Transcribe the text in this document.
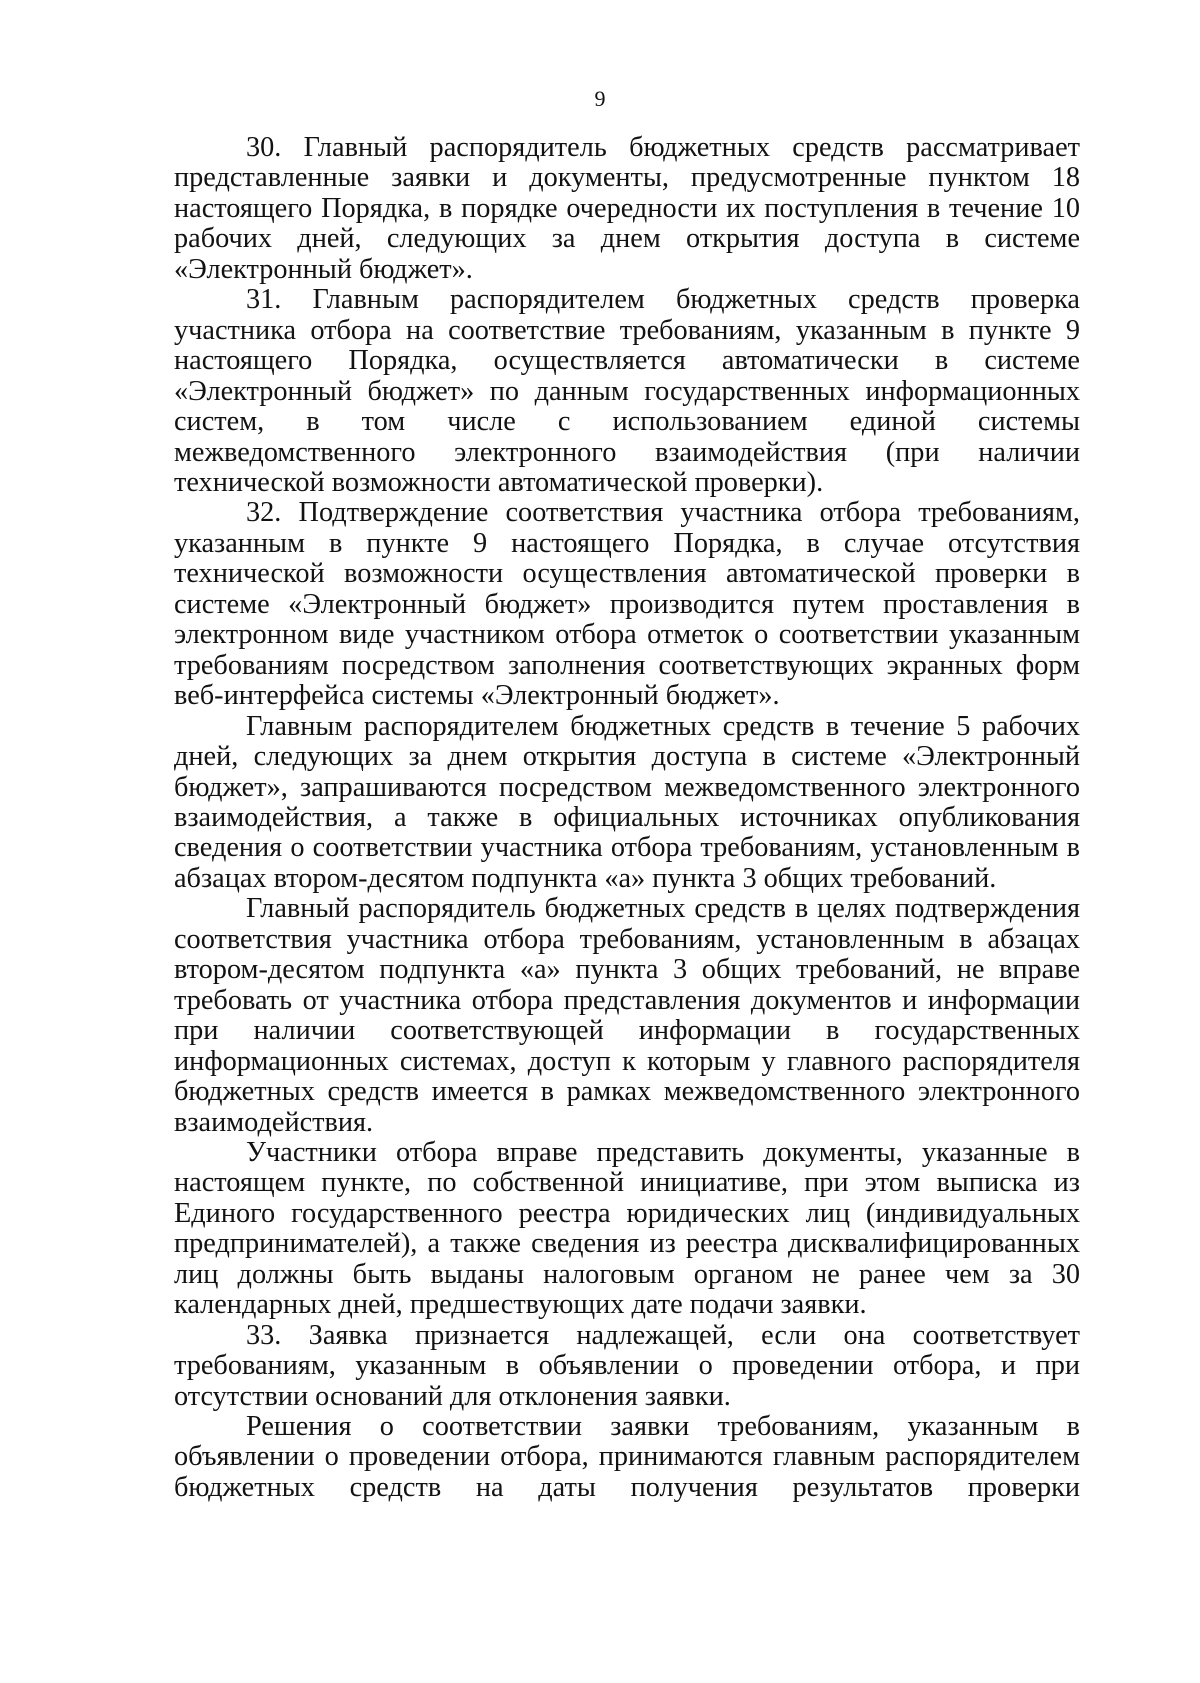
9

30. Главный распорядитель бюджетных средств рассматривает представленные заявки и документы, предусмотренные пунктом 18 настоящего Порядка, в порядке очередности их поступления в течение 10 рабочих дней, следующих за днем открытия доступа в системе «Электронный бюджет».

31. Главным распорядителем бюджетных средств проверка участника отбора на соответствие требованиям, указанным в пункте 9 настоящего Порядка, осуществляется автоматически в системе «Электронный бюджет» по данным государственных информационных систем, в том числе с использованием единой системы межведомственного электронного взаимодействия (при наличии технической возможности автоматической проверки).

32. Подтверждение соответствия участника отбора требованиям, указанным в пункте 9 настоящего Порядка, в случае отсутствия технической возможности осуществления автоматической проверки в системе «Электронный бюджет» производится путем проставления в электронном виде участником отбора отметок о соответствии указанным требованиям посредством заполнения соответствующих экранных форм веб-интерфейса системы «Электронный бюджет».

Главным распорядителем бюджетных средств в течение 5 рабочих дней, следующих за днем открытия доступа в системе «Электронный бюджет», запрашиваются посредством межведомственного электронного взаимодействия, а также в официальных источниках опубликования сведения о соответствии участника отбора требованиям, установленным в абзацах втором-десятом подпункта «а» пункта 3 общих требований.

Главный распорядитель бюджетных средств в целях подтверждения соответствия участника отбора требованиям, установленным в абзацах втором-десятом подпункта «а» пункта 3 общих требований, не вправе требовать от участника отбора представления документов и информации при наличии соответствующей информации в государственных информационных системах, доступ к которым у главного распорядителя бюджетных средств имеется в рамках межведомственного электронного взаимодействия.

Участники отбора вправе представить документы, указанные в настоящем пункте, по собственной инициативе, при этом выписка из Единого государственного реестра юридических лиц (индивидуальных предпринимателей), а также сведения из реестра дисквалифицированных лиц должны быть выданы налоговым органом не ранее чем за 30 календарных дней, предшествующих дате подачи заявки.

33. Заявка признается надлежащей, если она соответствует требованиям, указанным в объявлении о проведении отбора, и при отсутствии оснований для отклонения заявки.

Решения о соответствии заявки требованиям, указанным в объявлении о проведении отбора, принимаются главным распорядителем бюджетных средств на даты получения результатов проверки
